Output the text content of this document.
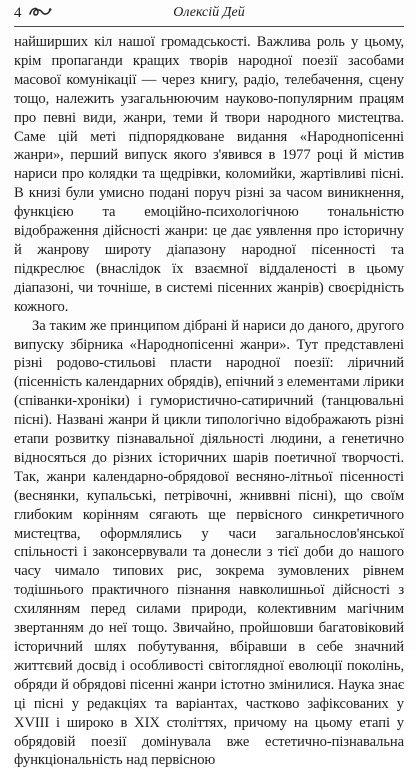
4	Олексій Дей

найширших кіл нашої громадськості. Важлива роль у цьому, крім пропаганди кращих творів народної поезії засобами масової комунікації — через книгу, радіо, телебачення, сцену тощо, належить узагальнюючим науково-популярним працям про певні види, жанри, теми й твори народного мистецтва. Саме цій меті підпорядковане видання «Народнопісенні жанри», перший випуск якого з'явився в 1977 році й містив нариси про колядки та щедрівки, коломийки, жартівливі пісні. В книзі були умисно подані поруч різні за часом виникнення, функцією та емоційно-психологічною тональністю відображення дійсності жанри: це дає уявлення про історичну й жанрову широту діапазону народної пісенності та підкреслює (внаслідок їх взаємної віддаленості в цьому діапазоні, чи точніше, в системі пісенних жанрів) своєрідність кожного.

За таким же принципом дібрані й нариси до даного, другого випуску збірника «Народнопісенні жанри». Тут представлені різні родово-стильові пласти народної поезії: ліричний (пісенність календарних обрядів), епічний з елементами лірики (співанки-хроніки) і гумористично-сатиричний (танцювальні пісні). Названі жанри й цикли типологічно відображають різні етапи розвитку пізнавальної діяльності людини, а генетично відносяться до різних історичних шарів поетичної творчості. Так, жанри календарно-обрядової весняно-літньої пісенності (веснянки, купальські, петрівочні, жниввні пісні), що своїм глибоким корінням сягають ще первісного синкретичного мистецтва, оформлялись у часи загальнослов'янської спільності і законсервували та донесли з тієї доби до нашого часу чимало типових рис, зокрема зумовлених рівнем тодішнього практичного пізнання навколишньої дійсності з схилянням перед силами природи, колективним магічним звертанням до неї тощо. Звичайно, пройшовши багатовіковий історичний шлях побутування, вбіравши в себе значний життєвий досвід і особливості світоглядної еволюції поколінь, обряди й обрядові пісенні жанри істотно змінилися. Наука знає ці пісні у редакціях та варіантах, частково зафіксованих у XVIII і широко в XIX століттях, причому на цьому етапі у обрядовій поезії домінувала вже естетично-пізнавальна функціональність над первісною
